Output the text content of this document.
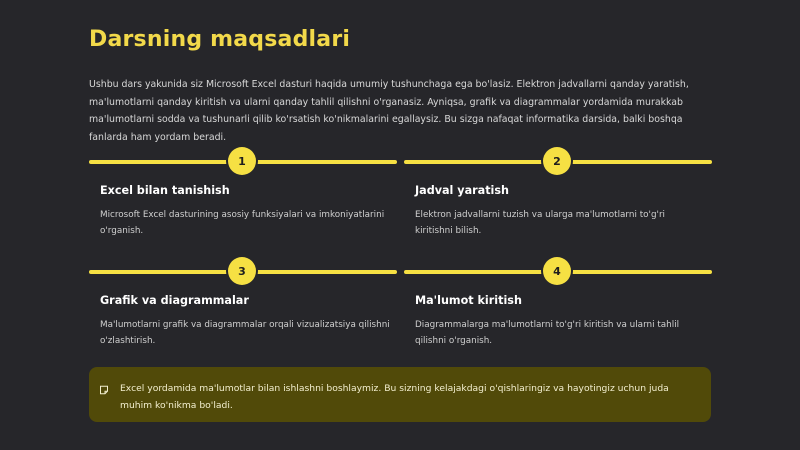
Darsning maqsadlari

Ushbu dars yakunida siz Microsoft Excel dasturi haqida umumiy tushunchaga ega bo'lasiz. Elektron jadvallarni qanday yaratish, ma'lumotlarni qanday kiritish va ularni qanday tahlil qilishni o'rganasiz. Ayniqsa, grafik va diagrammalar yordamida murakkab ma'lumotlarni sodda va tushunarli qilib ko'rsatish ko'nikmalarini egallaysiz. Bu sizga nafaqat informatika darsida, balki boshqa fanlarda ham yordam beradi.

1
Excel bilan tanishish
Microsoft Excel dasturining asosiy funksiyalari va imkoniyatlarini o'rganish.
2
Jadval yaratish
Elektron jadvallarni tuzish va ularga ma'lumotlarni to'g'ri kiritishni bilish.
3
Grafik va diagrammalar
Ma'lumotlarni grafik va diagrammalar orqali vizualizatsiya qilishni o'zlashtirish.
4
Ma'lumot kiritish
Diagrammalarga ma'lumotlarni to'g'ri kiritish va ularni tahlil qilishni o'rganish.
Excel yordamida ma'lumotlar bilan ishlashni boshlaymiz. Bu sizning kelajakdagi o'qishlaringiz va hayotingiz uchun juda muhim ko'nikma bo'ladi.
